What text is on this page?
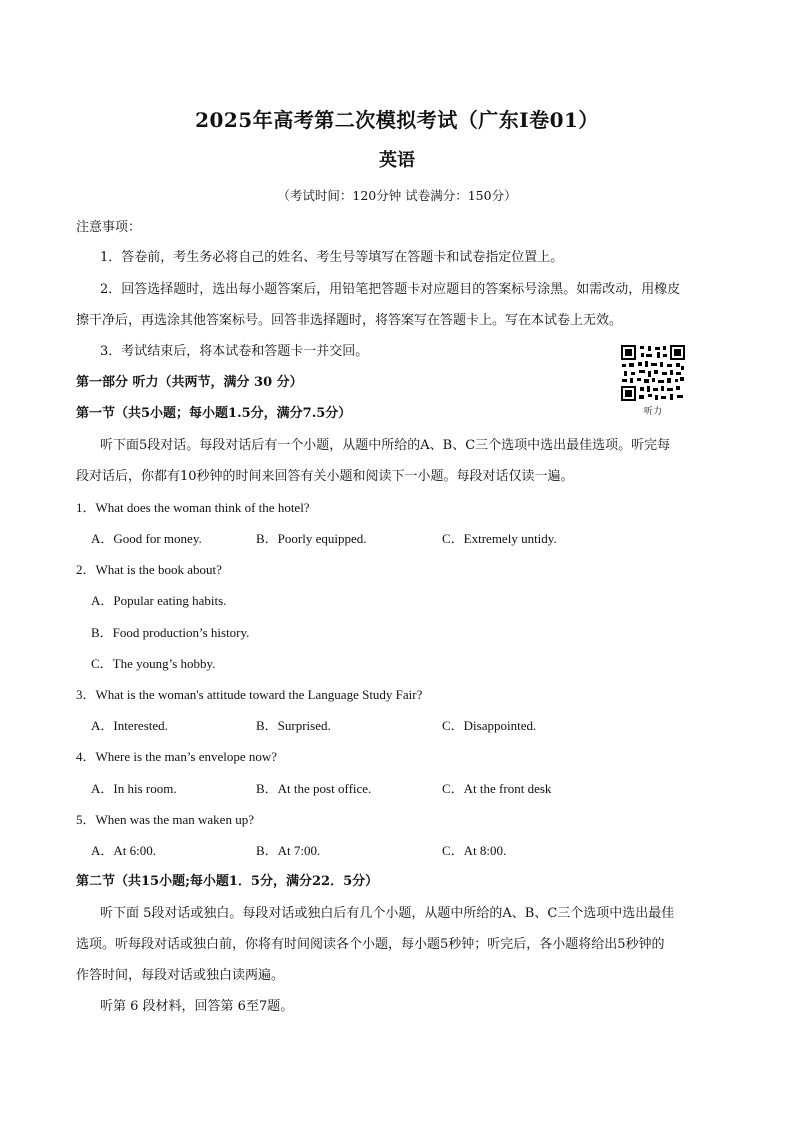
2025年高考第二次模拟考试（广东I卷01）
英语
（考试时间：120分钟 试卷满分：150分）
注意事项：
1．答卷前，考生务必将自己的姓名、考生号等填写在答题卡和试卷指定位置上。
2．回答选择题时，选出每小题答案后，用铅笔把答题卡对应题目的答案标号涂黑。如需改动，用橡皮
擦干净后，再选涂其他答案标号。回答非选择题时，将答案写在答题卡上。写在本试卷上无效。
3．考试结束后，将本试卷和答题卡一并交回。
听力
第一部分 听力（共两节，满分 30 分）
第一节（共5小题；每小题1.5分，满分7.5分）
听下面5段对话。每段对话后有一个小题，从题中所给的A、B、C三个选项中选出最佳选项。听完每
段对话后，你都有10秒钟的时间来回答有关小题和阅读下一小题。每段对话仅读一遍。
1．What does the woman think of the hotel?
A．Good for money.	B．Poorly equipped.	C．Extremely untidy.
2．What is the book about?
A．Popular eating habits.
B．Food production’s history.
C．The young’s hobby.
3．What is the woman's attitude toward the Language Study Fair?
A．Interested.	B．Surprised.	C．Disappointed.
4．Where is the man’s envelope now?
A．In his room.	B．At the post office.	C．At the front desk
5．When was the man waken up?
A．At 6:00.	B．At 7:00.	C．At 8:00.
第二节（共15小题;每小题1．5分，满分22．5分）
听下面 5段对话或独白。每段对话或独白后有几个小题，从题中所给的A、B、C三个选项中选出最佳
选项。听每段对话或独白前，你将有时间阅读各个小题，每小题5秒钟；听完后，各小题将给出5秒钟的
作答时间，每段对话或独白读两遍。
听第 6 段材料，回答第 6至7题。
